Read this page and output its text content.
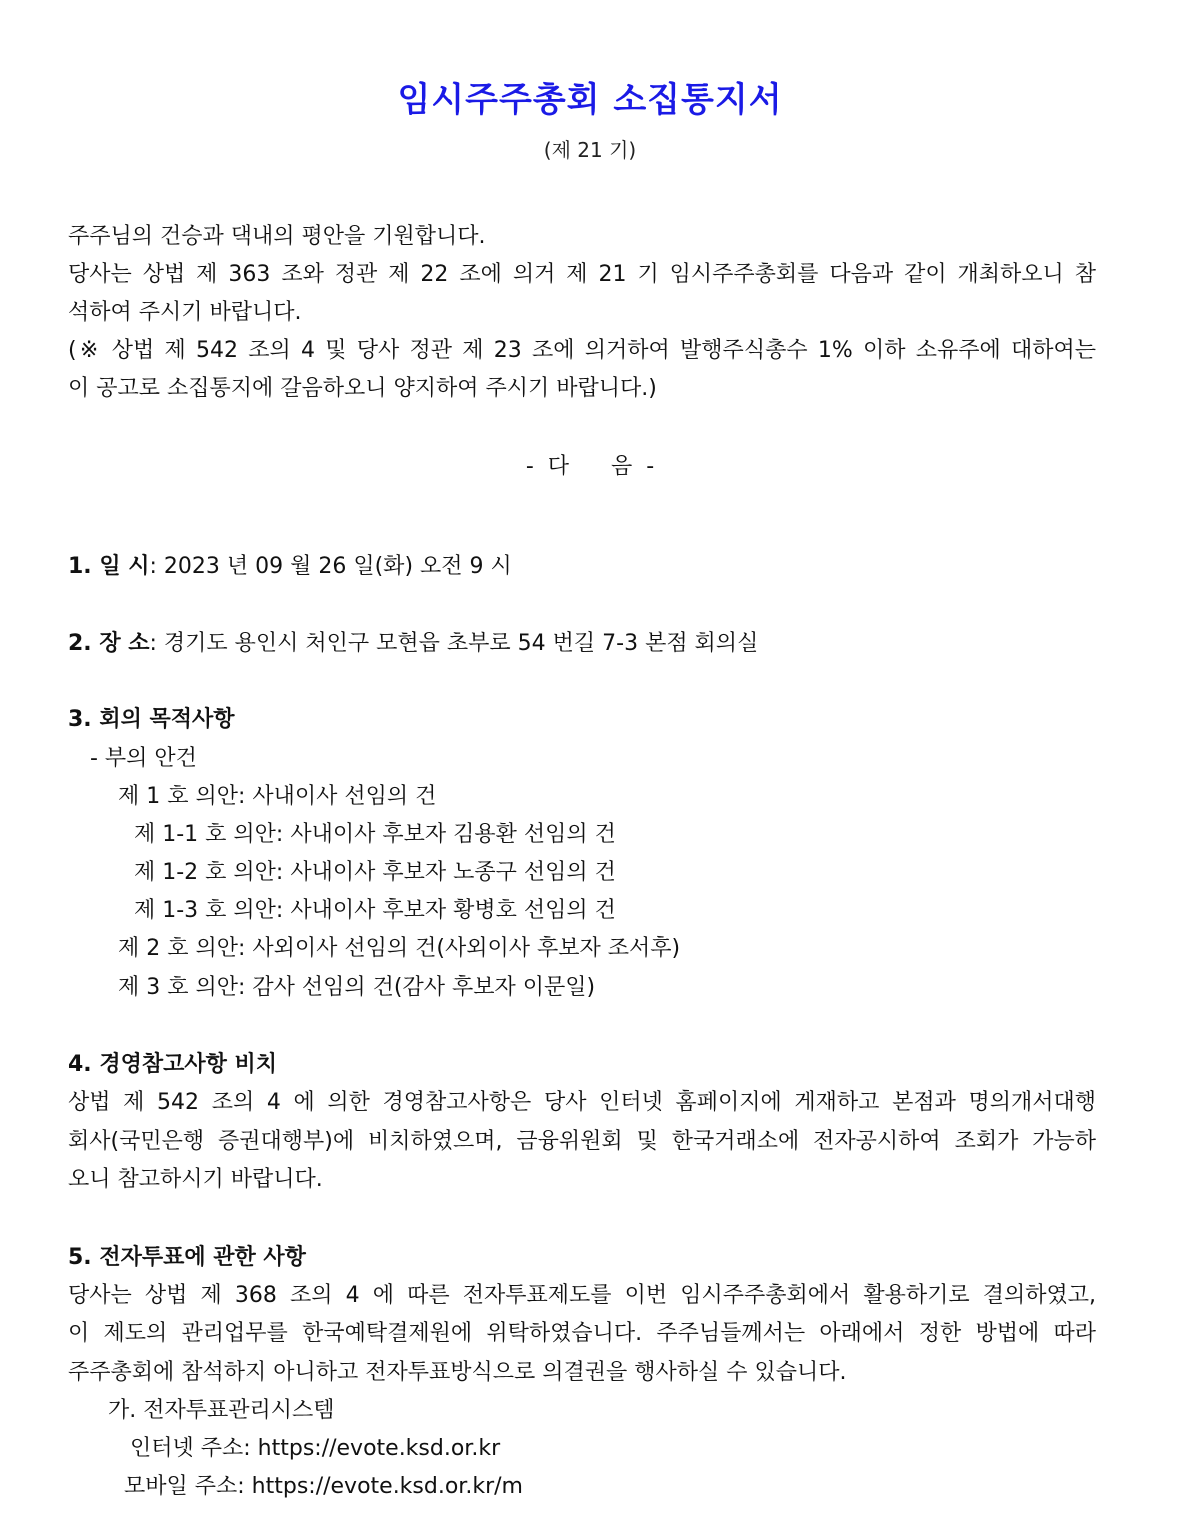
임시주주총회 소집통지서
(제 21 기)
주주님의 건승과 댁내의 평안을 기원합니다.
당사는 상법 제 363 조와 정관 제 22 조에 의거 제 21 기 임시주주총회를 다음과 같이 개최하오니 참
석하여 주시기 바랍니다.
(※ 상법 제 542 조의 4 및 당사 정관 제 23 조에 의거하여 발행주식총수 1% 이하 소유주에 대하여는
이 공고로 소집통지에 갈음하오니 양지하여 주시기 바랍니다.)
-  다      음  -
1. 일 시: 2023 년 09 월 26 일(화) 오전 9 시
2. 장 소: 경기도 용인시 처인구 모현읍 초부로 54 번길 7-3 본점 회의실
3. 회의 목적사항
- 부의 안건
제 1 호 의안: 사내이사 선임의 건
제 1-1 호 의안: 사내이사 후보자 김용환 선임의 건
제 1-2 호 의안: 사내이사 후보자 노종구 선임의 건
제 1-3 호 의안: 사내이사 후보자 황병호 선임의 건
제 2 호 의안: 사외이사 선임의 건(사외이사 후보자 조서후)
제 3 호 의안: 감사 선임의 건(감사 후보자 이문일)
4. 경영참고사항 비치
상법 제 542 조의 4 에 의한 경영참고사항은 당사 인터넷 홈페이지에 게재하고 본점과 명의개서대행
회사(국민은행 증권대행부)에 비치하였으며, 금융위원회 및 한국거래소에 전자공시하여 조회가 가능하
오니 참고하시기 바랍니다.
5. 전자투표에 관한 사항
당사는 상법 제 368 조의 4 에 따른 전자투표제도를 이번 임시주주총회에서 활용하기로 결의하였고,
이 제도의 관리업무를 한국예탁결제원에 위탁하였습니다. 주주님들께서는 아래에서 정한 방법에 따라
주주총회에 참석하지 아니하고 전자투표방식으로 의결권을 행사하실 수 있습니다.
가. 전자투표관리시스템
인터넷 주소: https://evote.ksd.or.kr
모바일 주소: https://evote.ksd.or.kr/m
